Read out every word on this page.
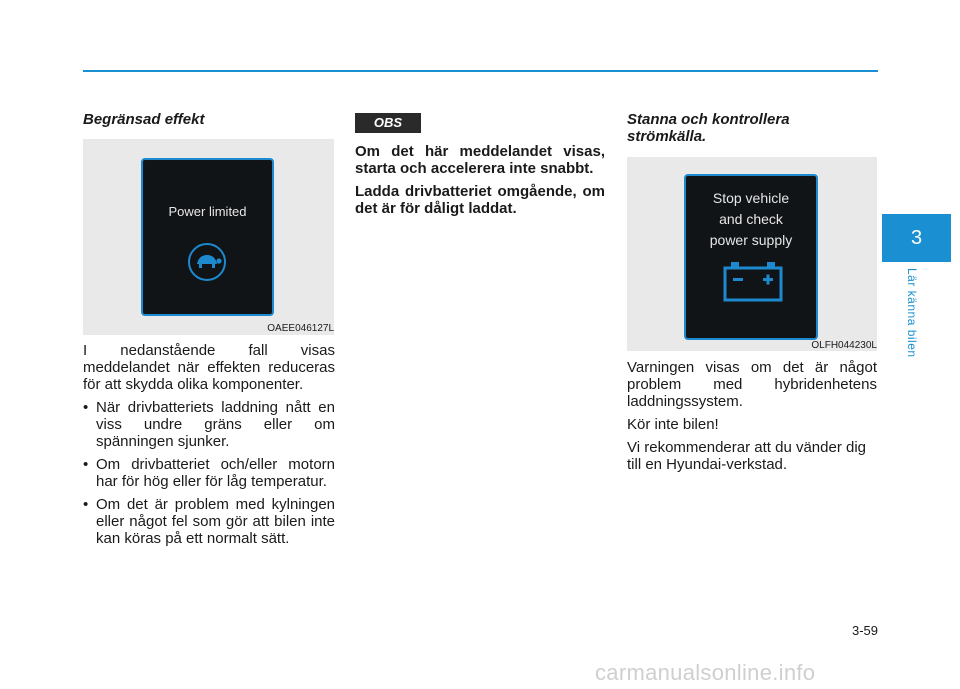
Begränsad effekt

Power limited
OAEE046127L

I nedanstående fall visas meddelandet när effekten reduceras för att skydda olika komponenter.

• När drivbatteriets laddning nått en viss undre gräns eller om spänningen sjunker.
• Om drivbatteriet och/eller motorn har för hög eller för låg temperatur.
• Om det är problem med kylningen eller något fel som gör att bilen inte kan köras på ett normalt sätt.
OBS

Om det här meddelandet visas, starta och accelerera inte snabbt.

Ladda drivbatteriet omgående, om det är för dåligt laddat.

Stanna och kontrollera strömkälla.

Stop vehicle
and check
power supply
OLFH044230L

Varningen visas om det är något problem med hybridenhetens laddningssystem.

Kör inte bilen!

Vi rekommenderar att du vänder dig till en Hyundai-verkstad.

3
Lär känna bilen
3-59
carmanualsonline.info
